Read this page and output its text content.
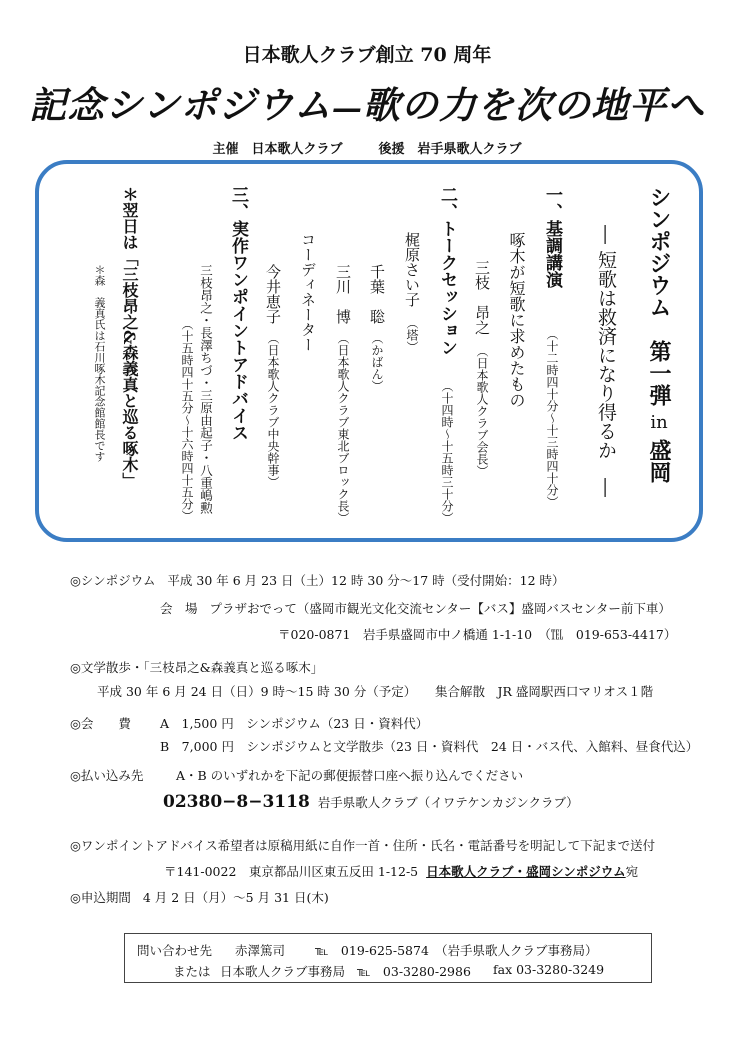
日本歌人クラブ創立 70 周年
記念シンポジウム—歌の力を次の地平へ
主催　日本歌人クラブ	後援　岩手県歌人クラブ
シンポジウム　第一弾 in 盛岡
― 短歌は救済になり得るか　―
一、基調講演
（十二時四十分〜十三時四十分）
啄木が短歌に求めたもの
三枝　昂之
（日本歌人クラブ会長）
二、トークセッション
（十四時〜十五時三十分）
梶原さい子
（塔）
千葉　聡
（かばん）
三川　博
（日本歌人クラブ東北ブロック長）
コーディネーター
今井恵子
（日本歌人クラブ中央幹事）
三、実作ワンポイントアドバイス
三枝昂之・長澤ちづ・三原由起子・八重嶋勲
（十五時四十五分〜十六時四十五分）
＊翌日は「三枝昂之&森義真と巡る啄木」
＊森　義真氏は石川啄木記念館館長です
◎シンポジウム 平成 30 年 6 月 23 日（土）12 時 30 分〜17 時（受付開始：12 時）
会　場 プラザおでって（盛岡市観光文化交流センター【バス】盛岡バスセンター前下車）
〒020-0871　岩手県盛岡市中ノ橋通 1-1-10　（℡　019-653-4417）
◎文学散歩・「三枝昂之&森義真と巡る啄木」
平成 30 年 6 月 24 日（日）9 時〜15 時 30 分（予定） 集合解散　JR 盛岡駅西口マリオス１階
◎会　　費 A　1,500 円　シンポジウム（23 日・資料代）
B　7,000 円　シンポジウムと文学散歩（23 日・資料代　24 日・バス代、入館料、昼食代込）
◎払い込み先	A・B のいずれかを下記の郵便振替口座へ振り込んでください
02380−8−3118 岩手県歌人クラブ（イワテケンカジンクラブ）
◎ワンポイントアドバイス希望者は原稿用紙に自作一首・住所・氏名・電話番号を明記して下記まで送付
〒141-0022　東京都品川区東五反田 1-12-5 日本歌人クラブ・盛岡シンポジウム宛
◎申込期間 4 月 2 日（月）〜5 月 31 日(木)
問い合わせ先 赤澤篤司 ℡　019-625-5874 （岩手県歌人クラブ事務局）
または 日本歌人クラブ事務局 ℡　03-3280-2986 fax 03-3280-3249
